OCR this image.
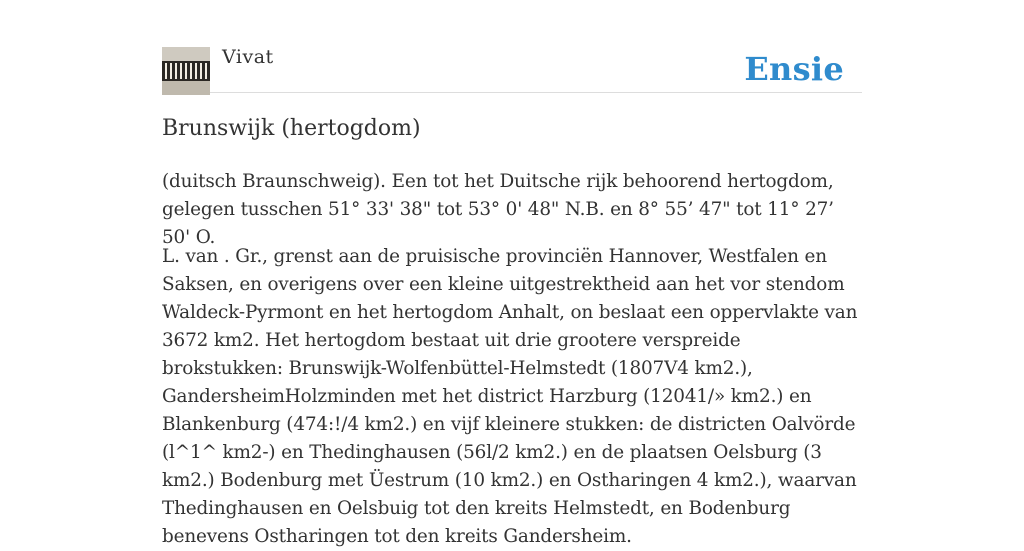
Vivat	Ensie
Brunswijk (hertogdom)

(duitsch Braunschweig). Een tot het Duitsche rijk behoorend hertogdom, gelegen tusschen 51° 33' 38" tot 53° 0' 48" N.B. en 8° 55’ 47" tot 11° 27’ 50' O.

L. van . Gr., grenst aan de pruisische provinciën Hannover, Westfalen en Saksen, en overigens over een kleine uitgestrektheid aan het vor stendom Waldeck-Pyrmont en het hertogdom Anhalt, on beslaat een oppervlakte van 3672 km2. Het hertogdom bestaat uit drie grootere verspreide brokstukken: Brunswijk-Wolfenbüttel-Helmstedt (1807V4 km2.), GandersheimHolzminden met het district Harzburg (12041/» km2.) en Blankenburg (474:!/4 km2.) en vijf kleinere stukken: de districten Oalvörde (l^1^ km2-) en Thedinghausen (56l/2 km2.) en de plaatsen Oelsburg (3 km2.) Bodenburg met Üestrum (10 km2.) en Ostharingen 4 km2.), waarvan Thedinghausen en Oelsbuig tot den kreits Helmstedt, en Bodenburg benevens Ostharingen tot den kreits Gandersheim.
